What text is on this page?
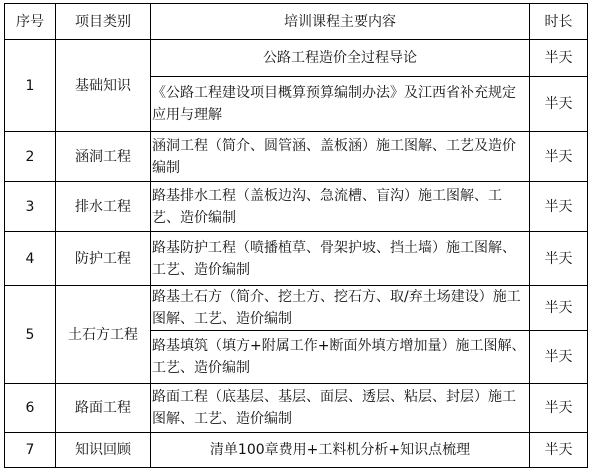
序号	项目类别	培训课程主要内容	时长
1	基础知识	公路工程造价全过程导论	半天
		《公路工程建设项目概算预算编制办法》及江西省补充规定应用与理解	半天
2	涵洞工程	涵洞工程（简介、圆管涵、盖板涵）施工图解、工艺及造价编制	半天
3	排水工程	路基排水工程（盖板边沟、急流槽、盲沟）施工图解、工艺、造价编制	半天
4	防护工程	路基防护工程（喷播植草、骨架护坡、挡土墙）施工图解、工艺、造价编制	半天
5	土石方工程	路基土石方（简介、挖土方、挖石方、取/弃土场建设）施工图解、工艺、造价编制	半天
		路基填筑（填方+附属工作+断面外填方增加量）施工图解、工艺、造价编制	半天
6	路面工程	路面工程（底基层、基层、面层、透层、粘层、封层）施工图解、工艺、造价编制	半天
7	知识回顾	清单100章费用+工料机分析+知识点梳理	半天
